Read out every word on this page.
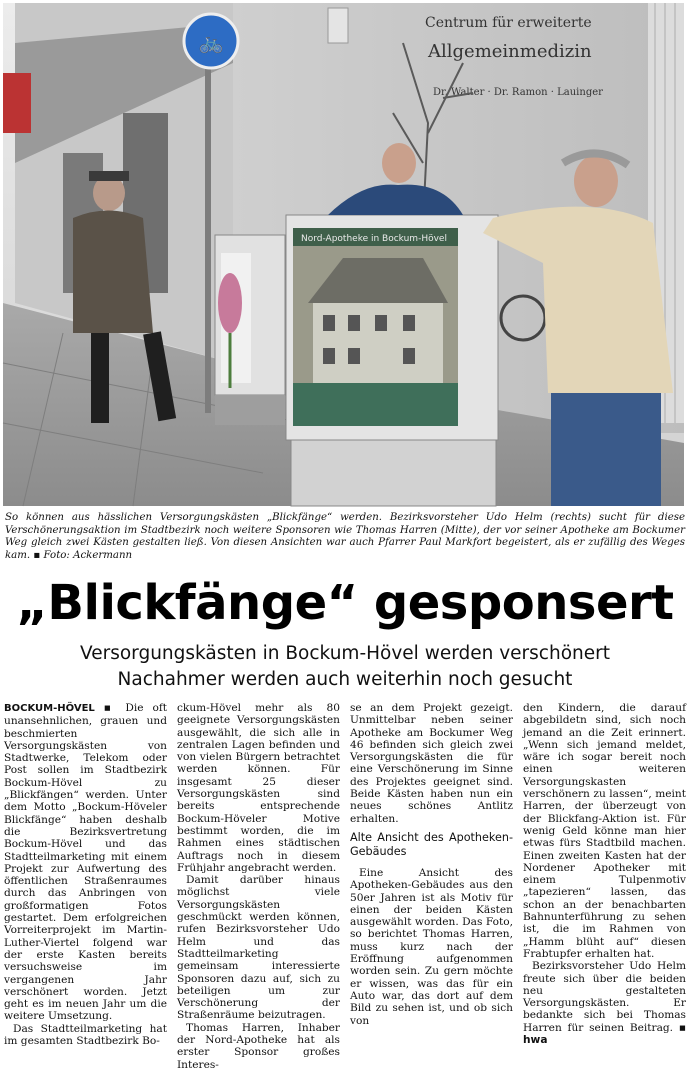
Centrum für erweiterte
Allgemeinmedizin
Dr. Walter · Dr. Ramon · Lauinger
🚲
Nord-Apotheke in Bockum-Hövel
So können aus hässlichen Versorgungskästen „Blickfänge“ werden. Bezirksvorsteher Udo Helm (rechts) sucht für diese Verschönerungsaktion im Stadtbezirk noch weitere Sponsoren wie Thomas Harren (Mitte), der vor seiner Apotheke am Bockumer Weg gleich zwei Kästen gestalten ließ. Von diesen Ansichten war auch Pfarrer Paul Markfort begeistert, als er zufällig des Weges kam. ▪ Foto: Ackermann
„Blickfänge“ gesponsert
Versorgungskästen in Bockum-Hövel werden verschönert
Nachahmer werden auch weiterhin noch gesucht

BOCKUM-HÖVEL ▪ Die oft unansehnlichen, grauen und beschmierten Versorgungskästen von Stadtwerke, Telekom oder Post sollen im Stadtbezirk Bockum-Hövel zu „Blickfängen“ werden. Unter dem Motto „Bockum-Höveler Blickfänge“ haben deshalb die Bezirksvertretung Bockum-Hövel und das Stadtteilmarketing mit einem Projekt zur Aufwertung des öffentlichen Straßenraumes durch das Anbringen von großformatigen Fotos gestartet. Dem erfolgreichen Vorreiterprojekt im Martin-Luther-Viertel folgend war der erste Kasten bereits versuchsweise im vergangenen Jahr verschönert worden. Jetzt geht es im neuen Jahr um die weitere Umsetzung.

Das Stadtteilmarketing hat im gesamten Stadtbezirk Bo-

ckum-Hövel mehr als 80 geeignete Versorgungskästen ausgewählt, die sich alle in zentralen Lagen befinden und von vielen Bürgern betrachtet werden können. Für insgesamt 25 dieser Versorgungskästen sind bereits entsprechende Bockum-Höveler Motive bestimmt worden, die im Rahmen eines städtischen Auftrags noch in diesem Frühjahr angebracht werden.

Damit darüber hinaus möglichst viele Versorgungskästen geschmückt werden können, rufen Bezirksvorsteher Udo Helm und das Stadtteilmarketing gemeinsam interessierte Sponsoren dazu auf, sich zu beteiligen um zur Verschönerung der Straßenräume beizutragen.

Thomas Harren, Inhaber der Nord-Apotheke hat als erster Sponsor großes Interes-

se an dem Projekt gezeigt. Unmittelbar neben seiner Apotheke am Bockumer Weg 46 befinden sich gleich zwei Versorgungskästen die für eine Verschönerung im Sinne des Projektes geeignet sind. Beide Kästen haben nun ein neues schönes Antlitz erhalten.

Alte Ansicht des Apotheken-Gebäudes

Eine Ansicht des Apotheken-Gebäudes aus den 50er Jahren ist als Motiv für einen der beiden Kästen ausgewählt worden. Das Foto, so berichtet Thomas Harren, muss kurz nach der Eröffnung aufgenommen worden sein. Zu gern möchte er wissen, was das für ein Auto war, das dort auf dem Bild zu sehen ist, und ob sich von

den Kindern, die darauf abgebildetn sind, sich noch jemand an die Zeit erinnert. „Wenn sich jemand meldet, wäre ich sogar bereit noch einen weiteren Versorgungskasten verschönern zu lassen“, meint Harren, der überzeugt von der Blickfang-Aktion ist. Für wenig Geld könne man hier etwas fürs Stadtbild machen. Einen zweiten Kasten hat der Nordener Apotheker mit einem Tulpenmotiv „tapezieren“ lassen, das schon an der benachbarten Bahnunterführung zu sehen ist, die im Rahmen von „Hamm blüht auf“ diesen Frabtupfer erhalten hat.

Bezirksvorsteher Udo Helm freute sich über die beiden neu gestalteten Versorgungskästen. Er bedankte sich bei Thomas Harren für seinen Beitrag. ▪ hwa
